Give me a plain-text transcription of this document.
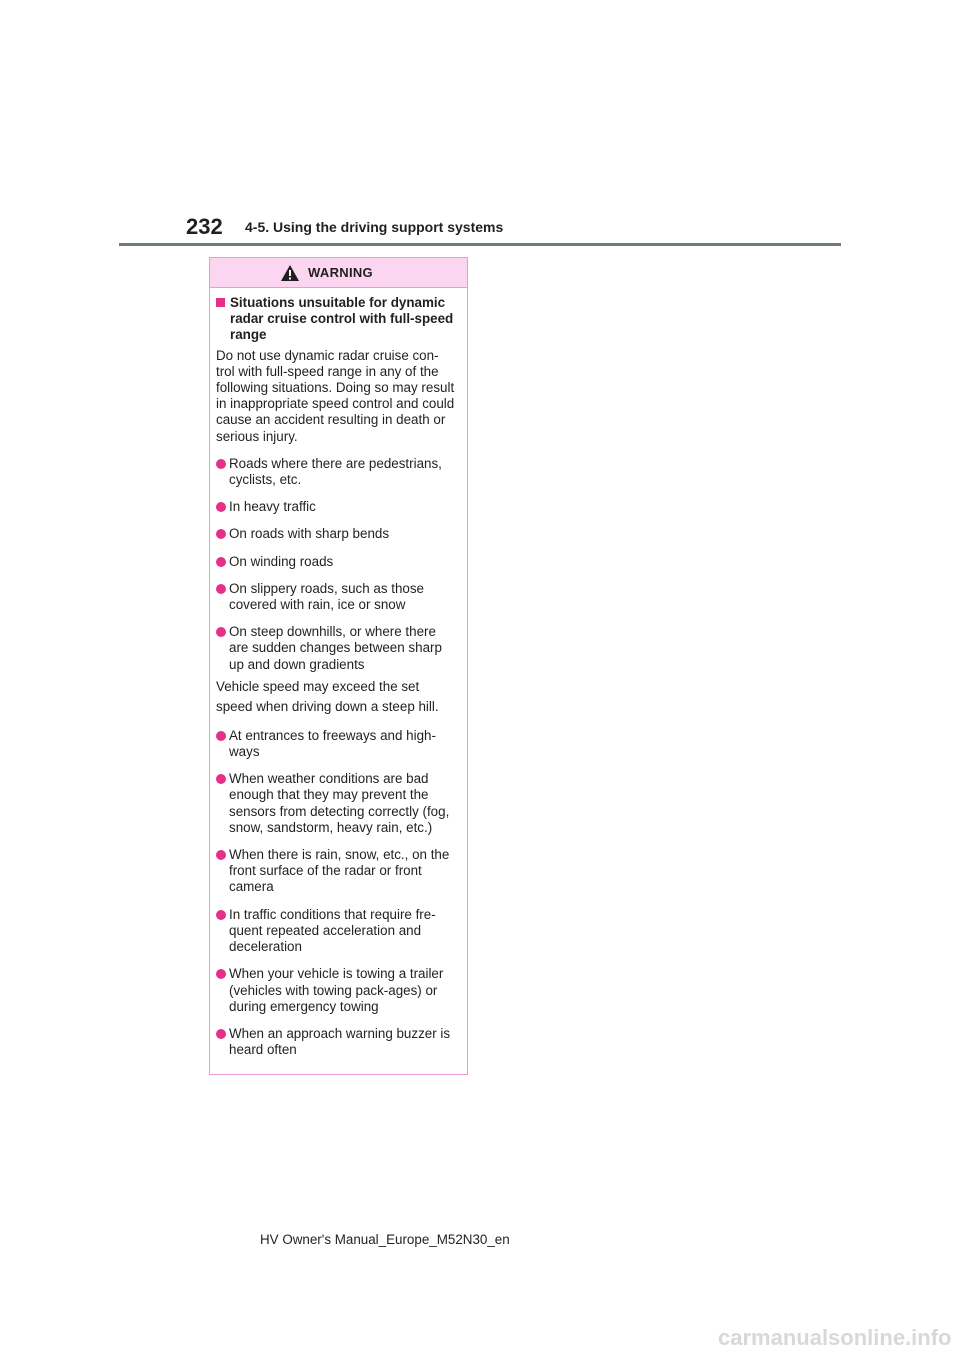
232 4-5. Using the driving support systems
WARNING
Situations unsuitable for dynamic radar cruise control with full-speed range
Do not use dynamic radar cruise con-trol with full-speed range in any of the following situations. Doing so may result in inappropriate speed control and could cause an accident resulting in death or serious injury.
Roads where there are pedestrians, cyclists, etc.
In heavy traffic
On roads with sharp bends
On winding roads
On slippery roads, such as those covered with rain, ice or snow
On steep downhills, or where there are sudden changes between sharp up and down gradients
Vehicle speed may exceed the set speed when driving down a steep hill.
At entrances to freeways and high-ways
When weather conditions are bad enough that they may prevent the sensors from detecting correctly (fog, snow, sandstorm, heavy rain, etc.)
When there is rain, snow, etc., on the front surface of the radar or front camera
In traffic conditions that require fre-quent repeated acceleration and deceleration
When your vehicle is towing a trailer (vehicles with towing pack-ages) or during emergency towing
When an approach warning buzzer is heard often
HV Owner's Manual_Europe_M52N30_en
carmanualsonline.info
